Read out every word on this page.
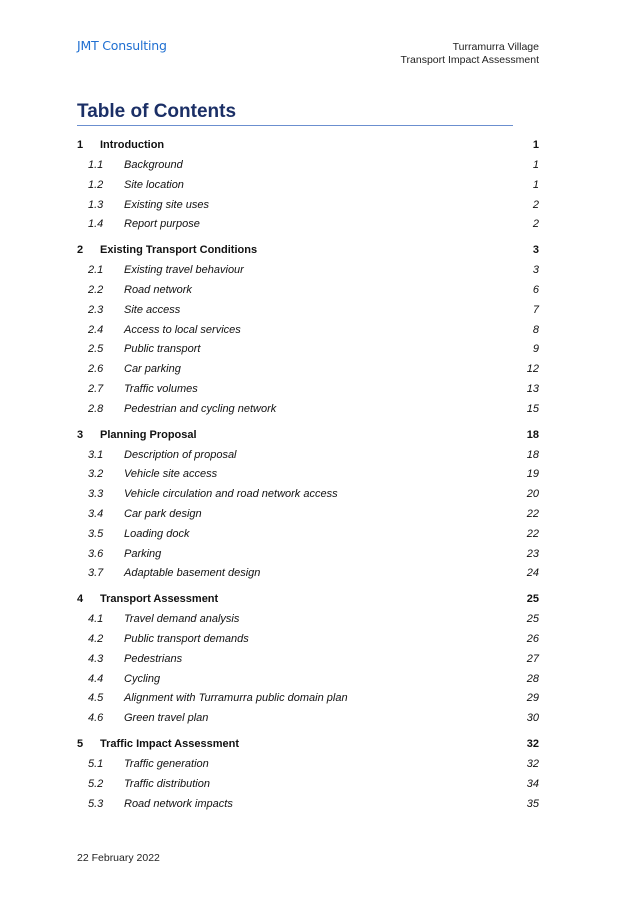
JMT Consulting	Turramurra Village
Transport Impact Assessment
Table of Contents
1 Introduction	1
1.1 Background	1
1.2 Site location	1
1.3 Existing site uses	2
1.4 Report purpose	2
2 Existing Transport Conditions	3
2.1 Existing travel behaviour	3
2.2 Road network	6
2.3 Site access	7
2.4 Access to local services	8
2.5 Public transport	9
2.6 Car parking	12
2.7 Traffic volumes	13
2.8 Pedestrian and cycling network	15
3 Planning Proposal	18
3.1 Description of proposal	18
3.2 Vehicle site access	19
3.3 Vehicle circulation and road network access	20
3.4 Car park design	22
3.5 Loading dock	22
3.6 Parking	23
3.7 Adaptable basement design	24
4 Transport Assessment	25
4.1 Travel demand analysis	25
4.2 Public transport demands	26
4.3 Pedestrians	27
4.4 Cycling	28
4.5 Alignment with Turramurra public domain plan	29
4.6 Green travel plan	30
5 Traffic Impact Assessment	32
5.1 Traffic generation	32
5.2 Traffic distribution	34
5.3 Road network impacts	35
22 February 2022
